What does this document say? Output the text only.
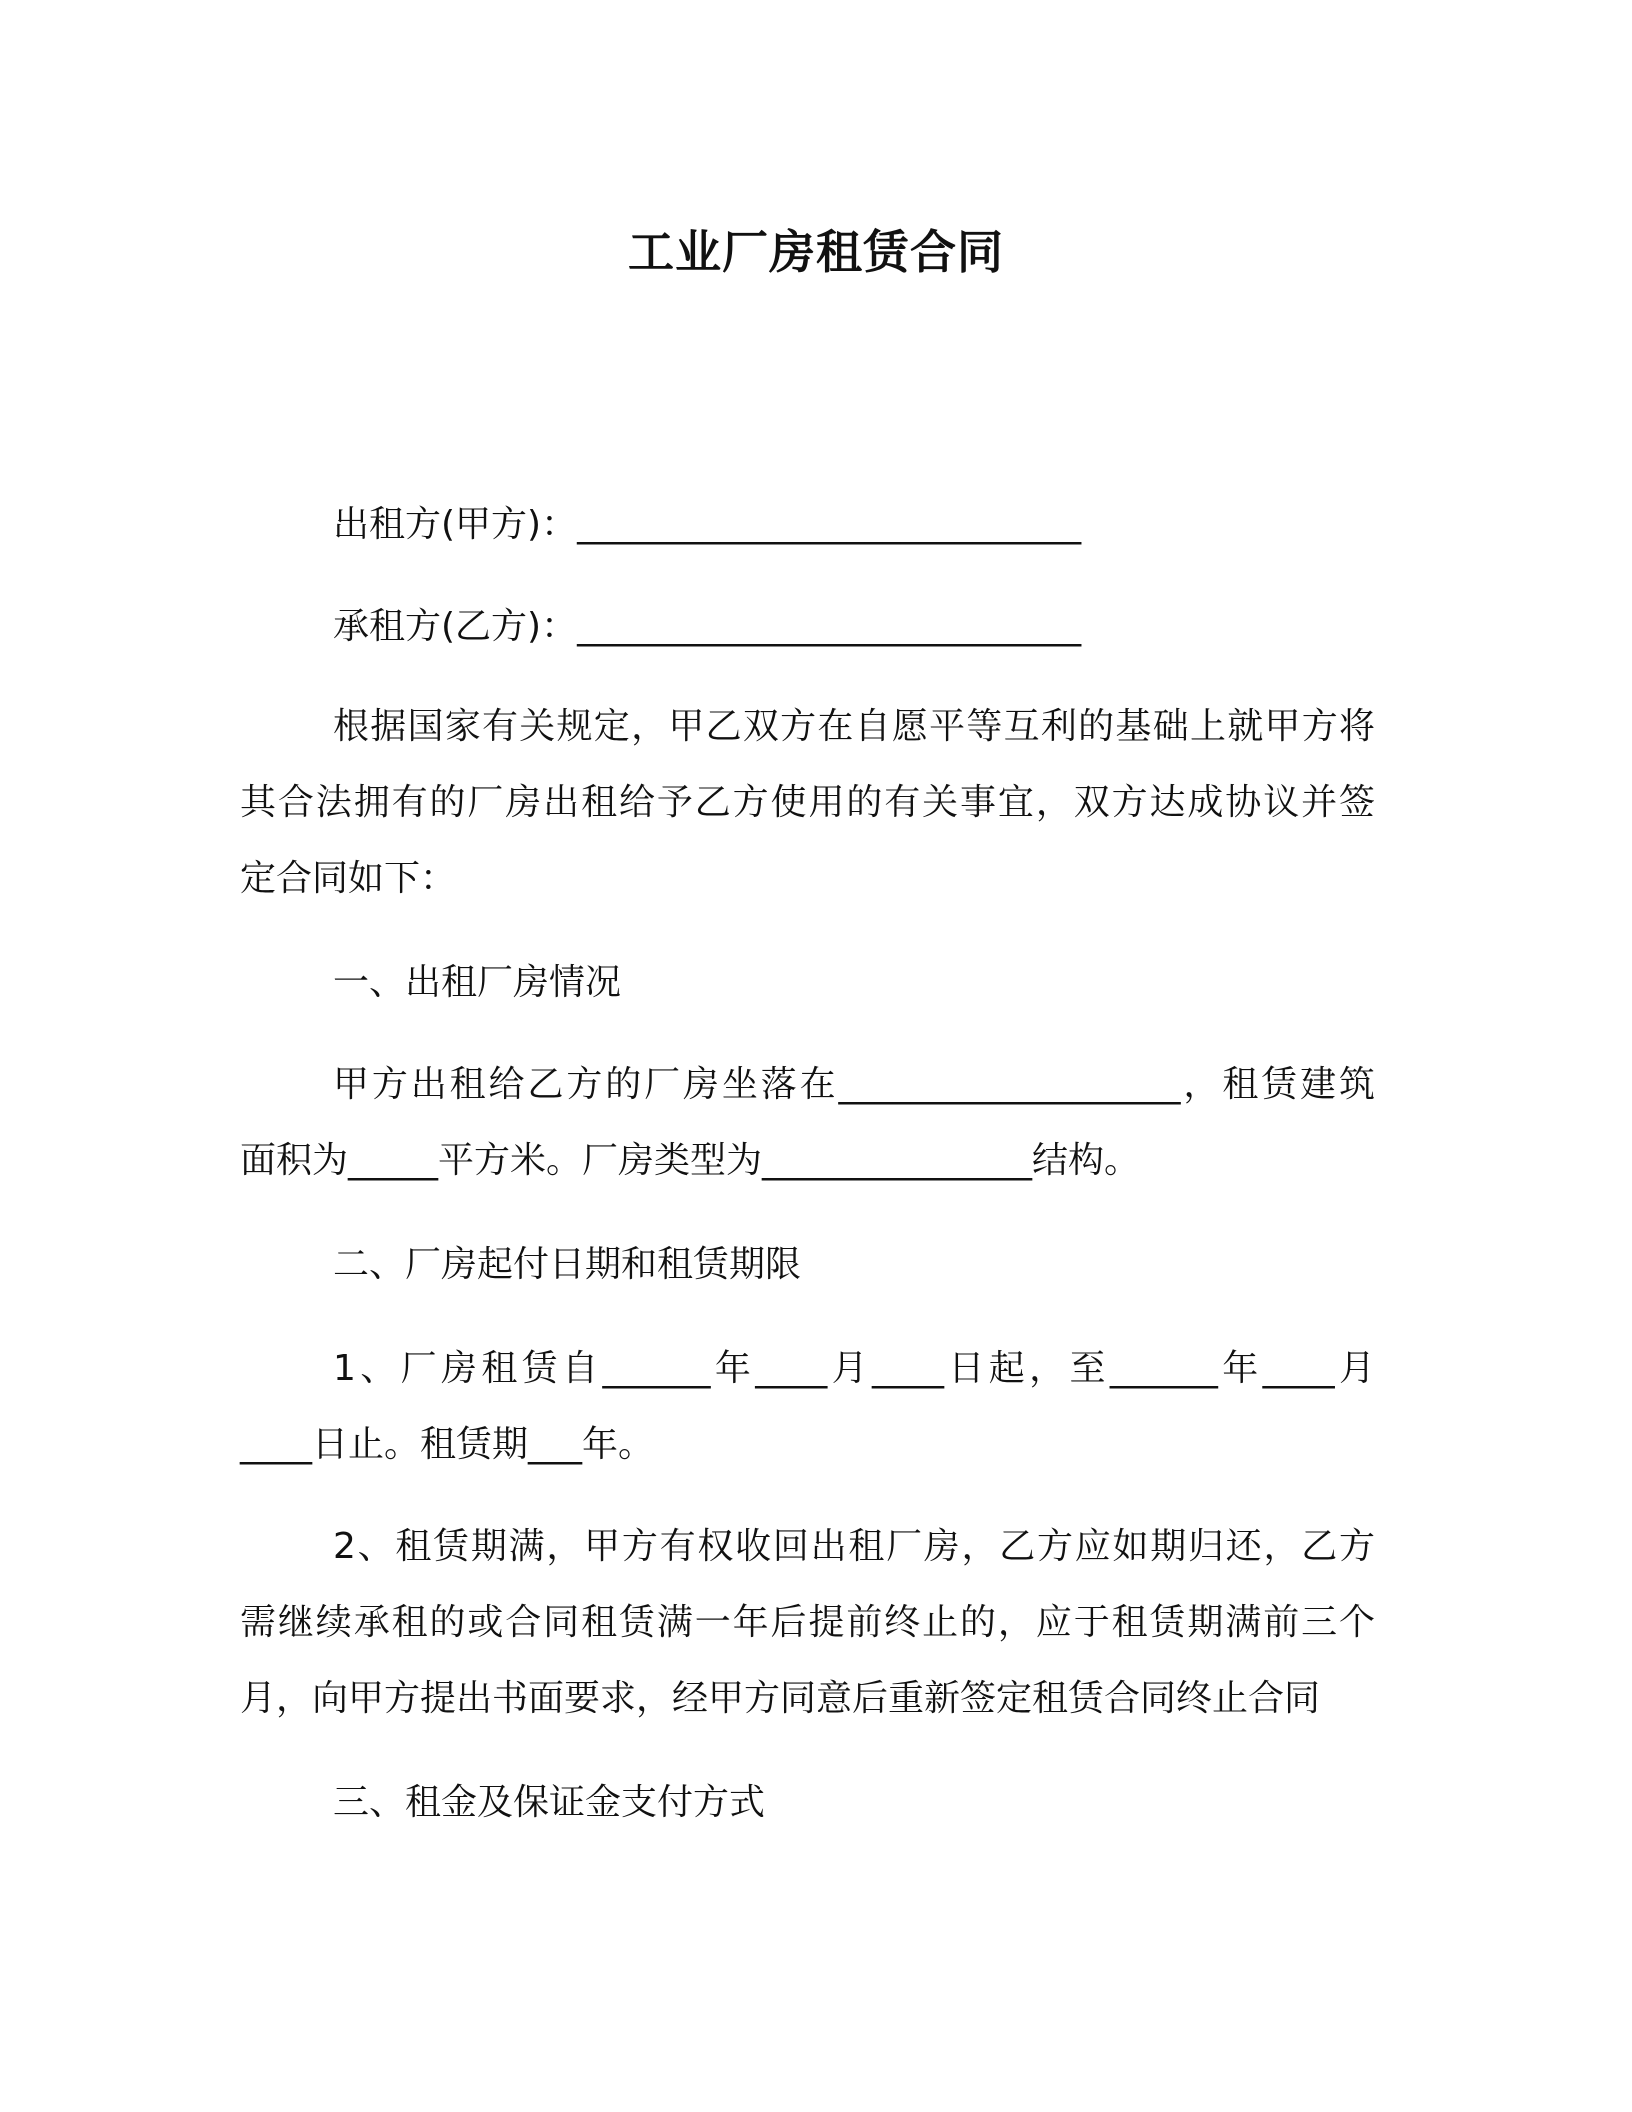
工业厂房租赁合同
出租方(甲方)：____________________________
承租方(乙方)：____________________________
根据国家有关规定，甲乙双方在自愿平等互利的基础上就甲方将
其合法拥有的厂房出租给予乙方使用的有关事宜，双方达成协议并签
定合同如下：
一、出租厂房情况
甲方出租给乙方的厂房坐落在___________________，租赁建筑
面积为_____平方米。厂房类型为_______________结构。
二、厂房起付日期和租赁期限
1、厂房租赁自______年____月____日起，至______年____月
____日止。租赁期___年。
2、租赁期满，甲方有权收回出租厂房，乙方应如期归还，乙方
需继续承租的或合同租赁满一年后提前终止的，应于租赁期满前三个
月，向甲方提出书面要求，经甲方同意后重新签定租赁合同终止合同
三、租金及保证金支付方式
